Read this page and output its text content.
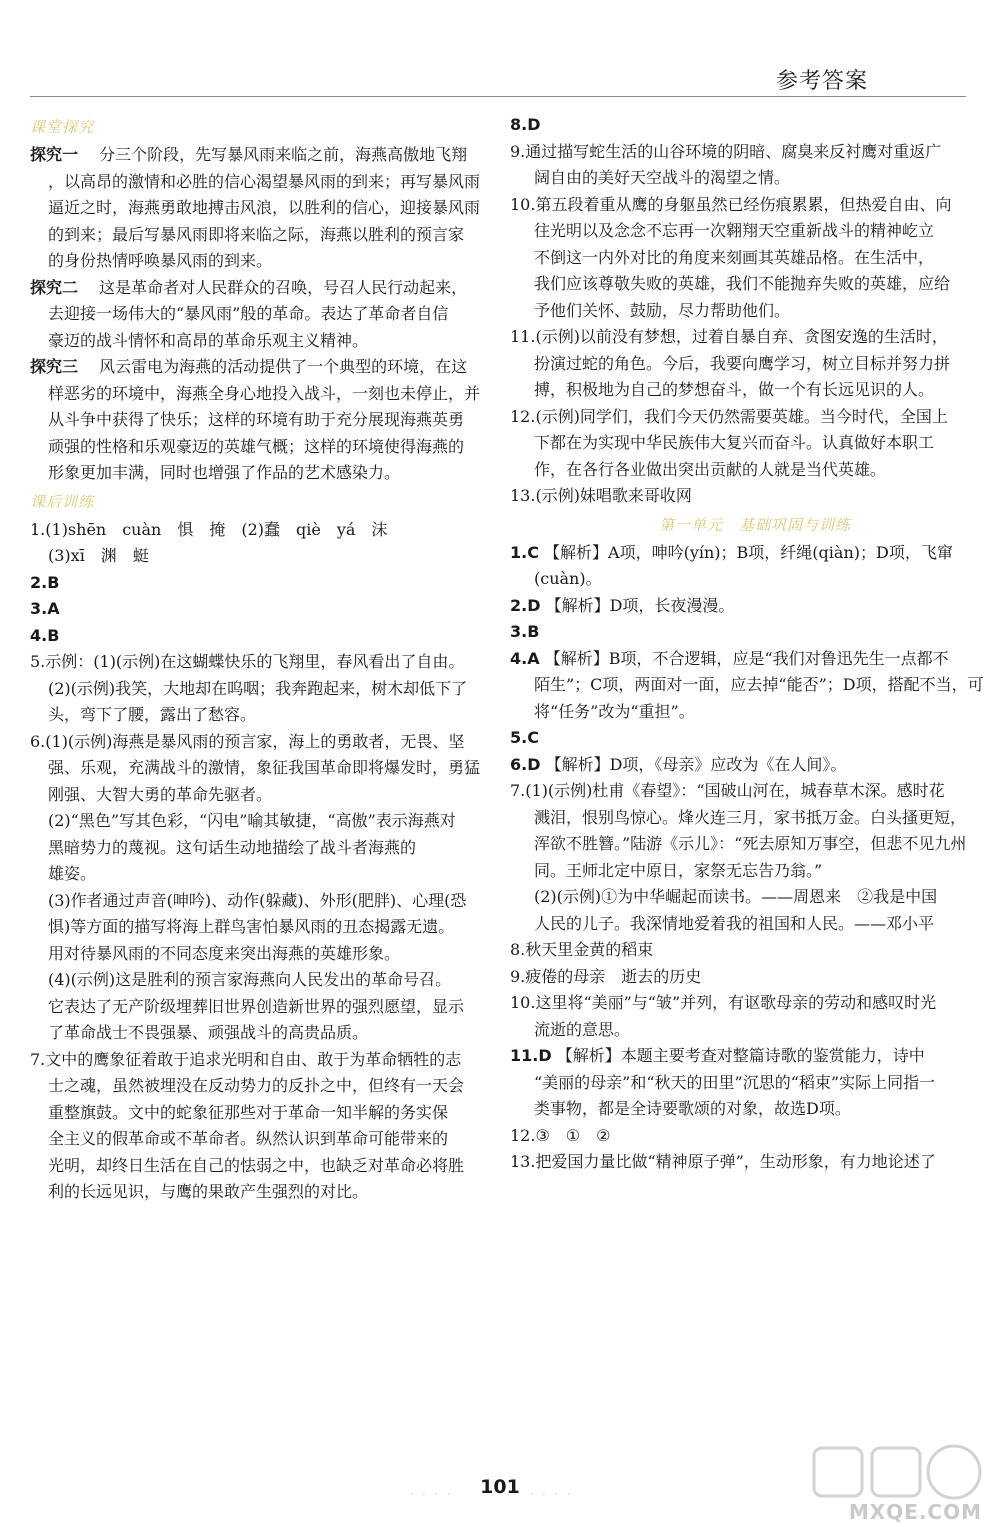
参考答案
课堂探究
探究一 　分三个阶段，先写暴风雨来临之前，海燕高傲地飞翔
，以高昂的激情和必胜的信心渴望暴风雨的到来；再写暴风雨
逼近之时，海燕勇敢地搏击风浪，以胜利的信心，迎接暴风雨
的到来；最后写暴风雨即将来临之际，海燕以胜利的预言家
的身份热情呼唤暴风雨的到来。
探究二 　这是革命者对人民群众的召唤，号召人民行动起来，
去迎接一场伟大的“暴风雨”般的革命。表达了革命者自信
豪迈的战斗情怀和高昂的革命乐观主义精神。
探究三 　风云雷电为海燕的活动提供了一个典型的环境，在这
样恶劣的环境中，海燕全身心地投入战斗，一刻也未停止，并
从斗争中获得了快乐；这样的环境有助于充分展现海燕英勇
顽强的性格和乐观豪迈的英雄气概；这样的环境使得海燕的
形象更加丰满，同时也增强了作品的艺术感染力。
课后训练
1.(1)shēn　cuàn　惧　掩　(2)蠢　qiè　yá　沫
(3)xī　渊　蜓
2.B
3.A
4.B
5.示例：(1)(示例)在这蝴蝶快乐的飞翔里，春风看出了自由。
(2)(示例)我笑，大地却在呜咽；我奔跑起来，树木却低下了
头，弯下了腰，露出了愁容。
6.(1)(示例)海燕是暴风雨的预言家，海上的勇敢者，无畏、坚
强、乐观，充满战斗的激情，象征我国革命即将爆发时，勇猛
刚强、大智大勇的革命先驱者。
(2)“黑色”写其色彩，“闪电”喻其敏捷，“高傲”表示海燕对
黑暗势力的蔑视。这句话生动地描绘了战斗者海燕的
雄姿。
(3)作者通过声音(呻吟)、动作(躲藏)、外形(肥胖)、心理(恐
惧)等方面的描写将海上群鸟害怕暴风雨的丑态揭露无遗。
用对待暴风雨的不同态度来突出海燕的英雄形象。
(4)(示例)这是胜利的预言家海燕向人民发出的革命号召。
它表达了无产阶级埋葬旧世界创造新世界的强烈愿望，显示
了革命战士不畏强暴、顽强战斗的高贵品质。
7.文中的鹰象征着敢于追求光明和自由、敢于为革命牺牲的志
士之魂，虽然被埋没在反动势力的反扑之中，但终有一天会
重整旗鼓。文中的蛇象征那些对于革命一知半解的务实保
全主义的假革命或不革命者。纵然认识到革命可能带来的
光明，却终日生活在自己的怯弱之中，也缺乏对革命必将胜
利的长远见识，与鹰的果敢产生强烈的对比。
8.D
9.通过描写蛇生活的山谷环境的阴暗、腐臭来反衬鹰对重返广
阔自由的美好天空战斗的渴望之情。
10.第五段着重从鹰的身躯虽然已经伤痕累累，但热爱自由、向
往光明以及念念不忘再一次翱翔天空重新战斗的精神屹立
不倒这一内外对比的角度来刻画其英雄品格。在生活中，
我们应该尊敬失败的英雄，我们不能抛弃失败的英雄，应给
予他们关怀、鼓励，尽力帮助他们。
11.(示例)以前没有梦想，过着自暴自弃、贪图安逸的生活时，
扮演过蛇的角色。今后，我要向鹰学习，树立目标并努力拼
搏，积极地为自己的梦想奋斗，做一个有长远见识的人。
12.(示例)同学们，我们今天仍然需要英雄。当今时代，全国上
下都在为实现中华民族伟大复兴而奋斗。认真做好本职工
作，在各行各业做出突出贡献的人就是当代英雄。
13.(示例)妹唱歌来哥收网
第一单元　基础巩固与训练
1.C 【解析】A项，呻吟(yín)；B项，纤绳(qiàn)；D项，飞窜
(cuàn)。
2.D 【解析】D项，长夜漫漫。
3.B
4.A 【解析】B项，不合逻辑，应是“我们对鲁迅先生一点都不
陌生”；C项，两面对一面，应去掉“能否”；D项，搭配不当，可
将“任务”改为“重担”。
5.C
6.D 【解析】D项，《母亲》应改为《在人间》。
7.(1)(示例)杜甫《春望》：“国破山河在，城春草木深。感时花
溅泪，恨别鸟惊心。烽火连三月，家书抵万金。白头搔更短，
浑欲不胜簪。”陆游《示儿》：“死去原知万事空，但悲不见九州
同。王师北定中原日，家祭无忘告乃翁。”
(2)(示例)①为中华崛起而读书。——周恩来　②我是中国
人民的儿子。我深情地爱着我的祖国和人民。——邓小平
8.秋天里金黄的稻束
9.疲倦的母亲　逝去的历史
10.这里将“美丽”与“皱”并列，有讴歌母亲的劳动和感叹时光
流逝的意思。
11.D 【解析】本题主要考查对整篇诗歌的鉴赏能力，诗中
“美丽的母亲”和“秋天的田里”沉思的“稻束”实际上同指一
类事物，都是全诗要歌颂的对象，故选D项。
12.③　①　②
13.把爱国力量比做“精神原子弹”，生动形象，有力地论述了
· · · ·	101	· · · ·
MXQE.COM
